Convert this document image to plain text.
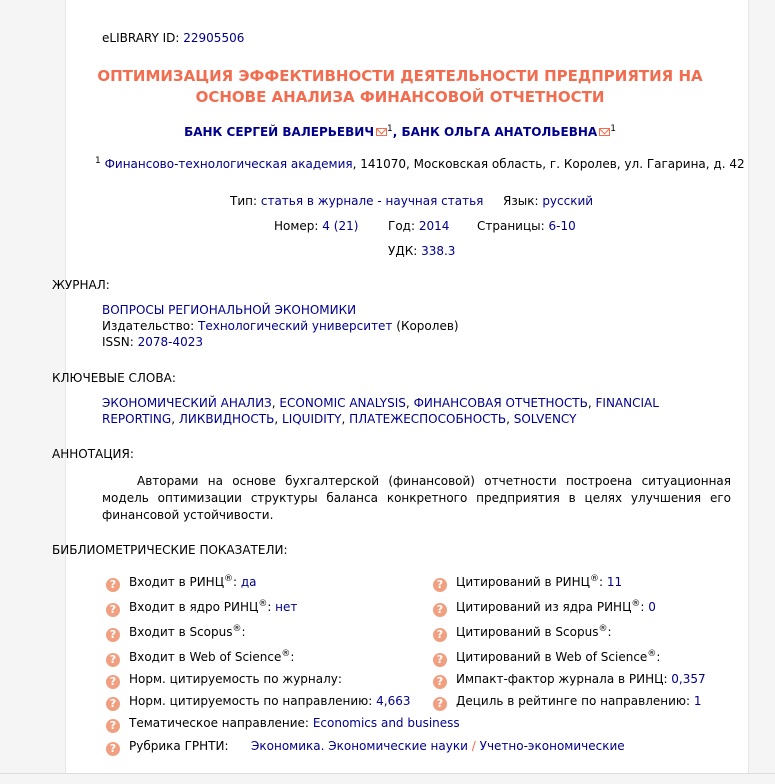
eLIBRARY ID: 22905506
ОПТИМИЗАЦИЯ ЭФФЕКТИВНОСТИ ДЕЯТЕЛЬНОСТИ ПРЕДПРИЯТИЯ НА
ОСНОВЕ АНАЛИЗА ФИНАНСОВОЙ ОТЧЕТНОСТИ
БАНК СЕРГЕЙ ВАЛЕРЬЕВИЧ $^1$, БАНК ОЛЬГА АНАТОЛЬЕВНА $^1$
$^1$ Финансово-технологическая академия, 141070, Московская область, г. Королев, ул. Гагарина, д. 42
Тип: статья в журнале - научная статья Язык: русский
Номер: 4 (21) Год: 2014 Страницы: 6-10
УДК: 338.3
ЖУРНАЛ:
ВОПРОСЫ РЕГИОНАЛЬНОЙ ЭКОНОМИКИ
Издательство: Технологический университет (Королев)
ISSN: 2078-4023
КЛЮЧЕВЫЕ СЛОВА:
ЭКОНОМИЧЕСКИЙ АНАЛИЗ, ECONOMIC ANALYSIS, ФИНАНСОВАЯ ОТЧЕТНОСТЬ, FINANCIAL
REPORTING, ЛИКВИДНОСТЬ, LIQUIDITY, ПЛАТЕЖЕСПОСОБНОСТЬ, SOLVENCY
АННОТАЦИЯ:
Авторами на основе бухгалтерской (финансовой) отчетности построена ситуационная модель оптимизации структуры баланса конкретного предприятия в целях улучшения его финансовой устойчивости.
БИБЛИОМЕТРИЧЕСКИЕ ПОКАЗАТЕЛИ:
? Входит в РИНЦ®: да
? Входит в ядро РИНЦ®: нет
? Входит в Scopus®:
? Входит в Web of Science®:
? Норм. цитируемость по журналу:
? Норм. цитируемость по направлению: 4,663
? Цитирований в РИНЦ®: 11
? Цитирований из ядра РИНЦ®: 0
? Цитирований в Scopus®:
? Цитирований в Web of Science®:
? Импакт-фактор журнала в РИНЦ: 0,357
? Дециль в рейтинге по направлению: 1
? Тематическое направление: Economics and business
? Рубрика ГРНТИ: Экономика. Экономические науки / Учетно-экономические
